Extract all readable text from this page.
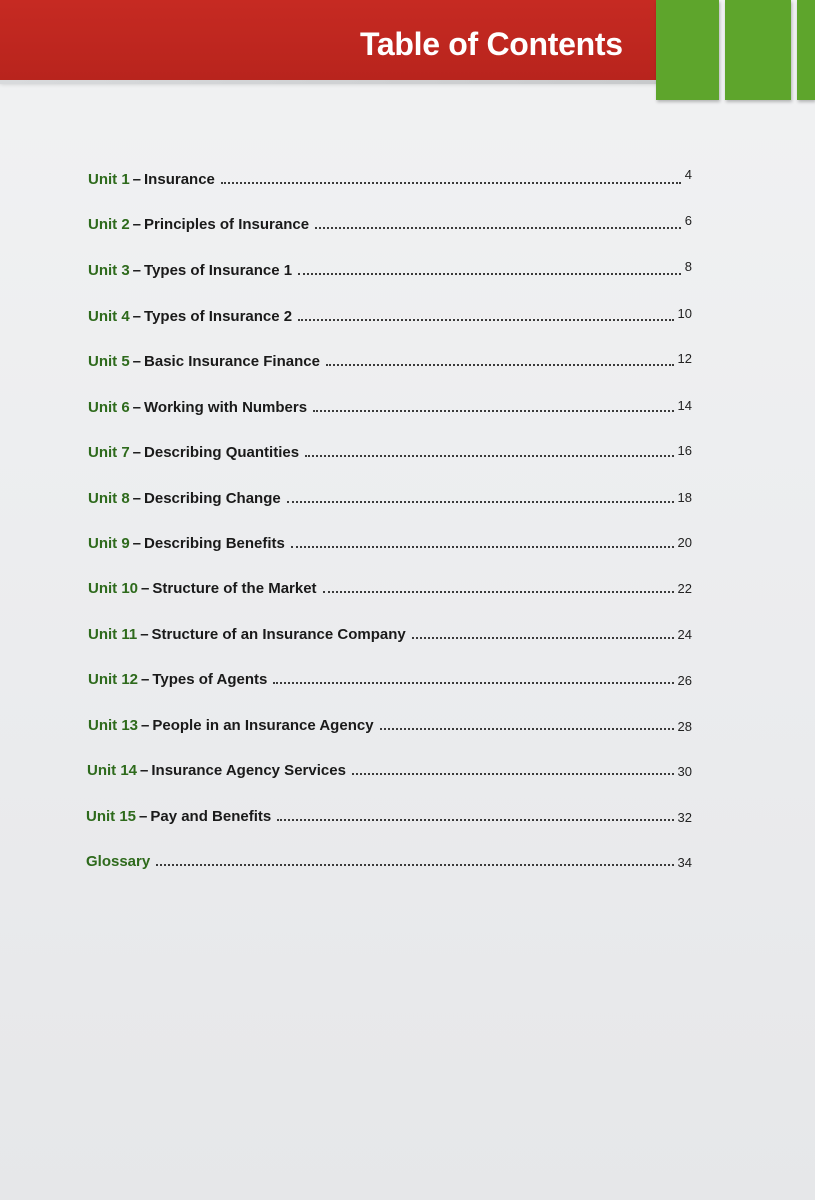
Table of Contents
Unit 1 – Insurance	4
Unit 2 – Principles of Insurance	6
Unit 3 – Types of Insurance 1	8
Unit 4 – Types of Insurance 2	10
Unit 5 – Basic Insurance Finance	12
Unit 6 – Working with Numbers	14
Unit 7 – Describing Quantities	16
Unit 8 – Describing Change	18
Unit 9 – Describing Benefits	20
Unit 10 – Structure of the Market	22
Unit 11 – Structure of an Insurance Company	24
Unit 12 – Types of Agents	26
Unit 13 – People in an Insurance Agency	28
Unit 14 – Insurance Agency Services	30
Unit 15 – Pay and Benefits	32
Glossary	34
